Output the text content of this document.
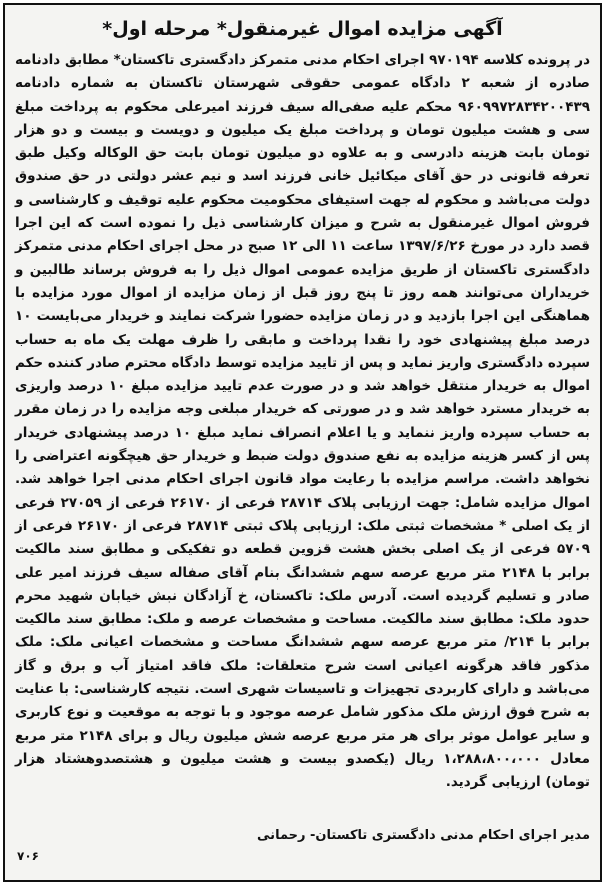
آگهی مزایده اموال غیرمنقول* مرحله اول*

در پرونده کلاسه ۹۷۰۱۹۴ اجرای احکام مدنی متمرکز دادگستری تاکستان* مطابق دادنامه صادره از شعبه ۲ دادگاه عمومی حقوقی شهرستان تاکستان به شماره دادنامه ۹۶۰۹۹۷۲۸۳۴۲۰۰۴۳۹ محکم علیه صفی‌اله سیف فرزند امیرعلی محکوم به پرداخت مبلغ سی و هشت میلیون تومان و پرداخت مبلغ یک میلیون و دویست و بیست و دو هزار تومان بابت هزینه دادرسی و به علاوه دو میلیون تومان بابت حق الوکاله وکیل طبق تعرفه قانونی در حق آقای میکائیل خانی فرزند اسد و نیم عشر دولتی در حق صندوق دولت می‌باشد و محکوم له جهت استیفای محکومیت محکوم علیه توقیف و کارشناسی و فروش اموال غیرمنقول به شرح و میزان کارشناسی ذیل را نموده است که این اجرا قصد دارد در مورخ ۱۳۹۷/۶/۲۶ ساعت ۱۱ الی ۱۲ صبح در محل اجرای احکام مدنی متمرکز دادگستری تاکستان از طریق مزایده عمومی اموال ذیل را به فروش برساند طالبین و خریداران می‌توانند همه روز تا پنج روز قبل از زمان مزایده از اموال مورد مزایده با هماهنگی این اجرا بازدید و در زمان مزایده حضورا شرکت نمایند و خریدار می‌بایست ۱۰ درصد مبلغ پیشنهادی خود را نقدا پرداخت و مابقی را ظرف مهلت یک ماه به حساب سپرده دادگستری واریز نماید و پس از تایید مزایده توسط دادگاه محترم صادر کننده حکم اموال به خریدار منتقل خواهد شد و در صورت عدم تایید مزایده مبلغ ۱۰ درصد واریزی به خریدار مسترد خواهد شد و در صورتی که خریدار مبلغی وجه مزایده را در زمان مقرر به حساب سپرده واریز ننماید و یا اعلام انصراف نماید مبلغ ۱۰ درصد پیشنهادی خریدار پس از کسر هزینه مزایده به نفع صندوق دولت ضبط و خریدار حق هیچگونه اعتراضی را نخواهد داشت. مراسم مزایده با رعایت مواد قانون اجرای احکام مدنی اجرا خواهد شد. اموال مزایده شامل: جهت ارزیابی پلاک ۲۸۷۱۴ فرعی از ۲۶۱۷۰ فرعی از ۲۷۰۵۹ فرعی از یک اصلی * مشخصات ثبتی ملک: ارزیابی پلاک ثبتی ۲۸۷۱۴ فرعی از ۲۶۱۷۰ فرعی از ۵۷۰۹ فرعی از یک اصلی بخش هشت قزوین قطعه دو تفکیکی و مطابق سند مالکیت برابر با ۲۱۴۸ متر مربع عرصه سهم ششدانگ بنام آقای صفاله سیف فرزند امیر علی صادر و تسلیم گردیده است. آدرس ملک: تاکستان، خ آزادگان نبش خیابان شهید محرم حدود ملک: مطابق سند مالکیت. مساحت و مشخصات عرصه و ملک: مطابق سند مالکیت برابر با ۲۱۴/ متر مربع عرصه سهم ششدانگ مساحت و مشخصات اعیانی ملک: ملک مذکور فاقد هرگونه اعیانی است شرح متعلقات: ملک فاقد امتیاز آب و برق و گاز می‌باشد و دارای کاربردی تجهیزات و تاسیسات شهری است. نتیجه کارشناسی: با عنایت به شرح فوق ارزش ملک مذکور شامل عرصه موجود و با توجه به موقعیت و نوع کاربری و سایر عوامل موثر برای هر متر مربع عرصه شش میلیون ریال و برای ۲۱۴۸ متر مربع معادل ۱،۲۸۸،۸۰۰،۰۰۰ ریال (یکصدو بیست و هشت میلیون و هشتصدوهشتاد هزار تومان) ارزیابی گردید.

مدیر اجرای احکام مدنی دادگستری تاکستان- رحمانی
۷۰۶
